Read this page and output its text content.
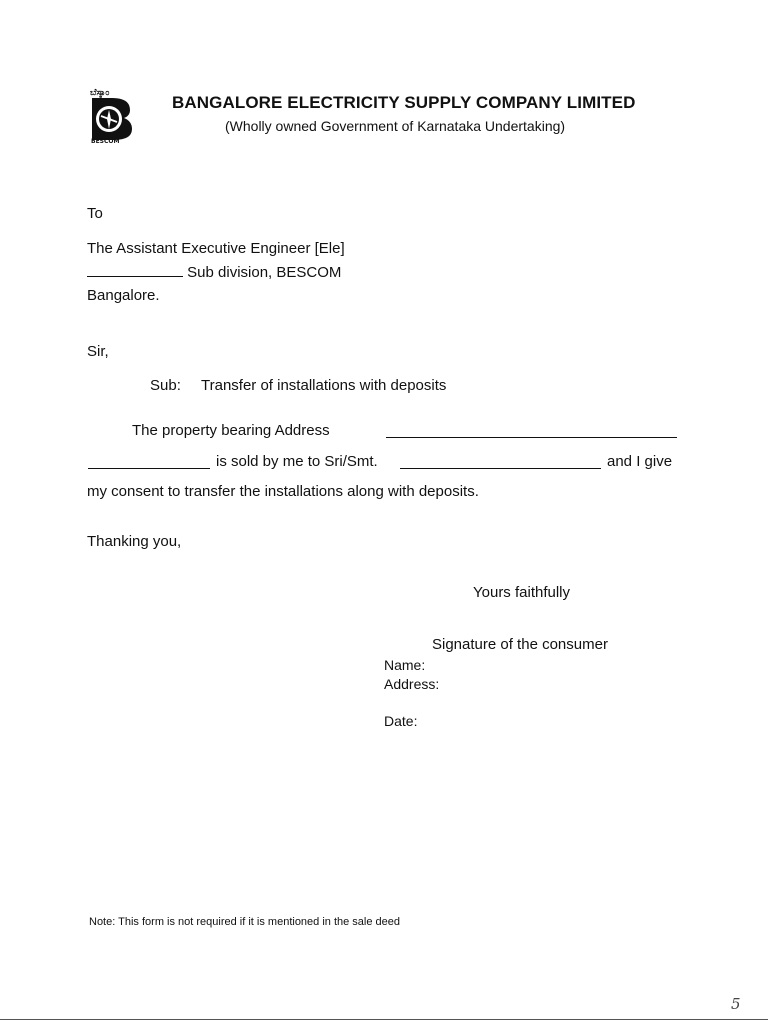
ಬೆಸ್ಕಾಂ
BESCOM
BANGALORE ELECTRICITY SUPPLY COMPANY LIMITED
(Wholly owned Government of Karnataka Undertaking)
To
The Assistant Executive Engineer [Ele]
Sub division, BESCOM
Bangalore.
Sir,
Sub: Transfer of installations with deposits
The property bearing Address
is sold by me to Sri/Smt.	and I give
my consent to transfer the installations along with deposits.
Thanking you,
Yours faithfully
Signature of the consumer
Name:
Address:
Date:
Note: This form is not required if it is mentioned in the sale deed
5
